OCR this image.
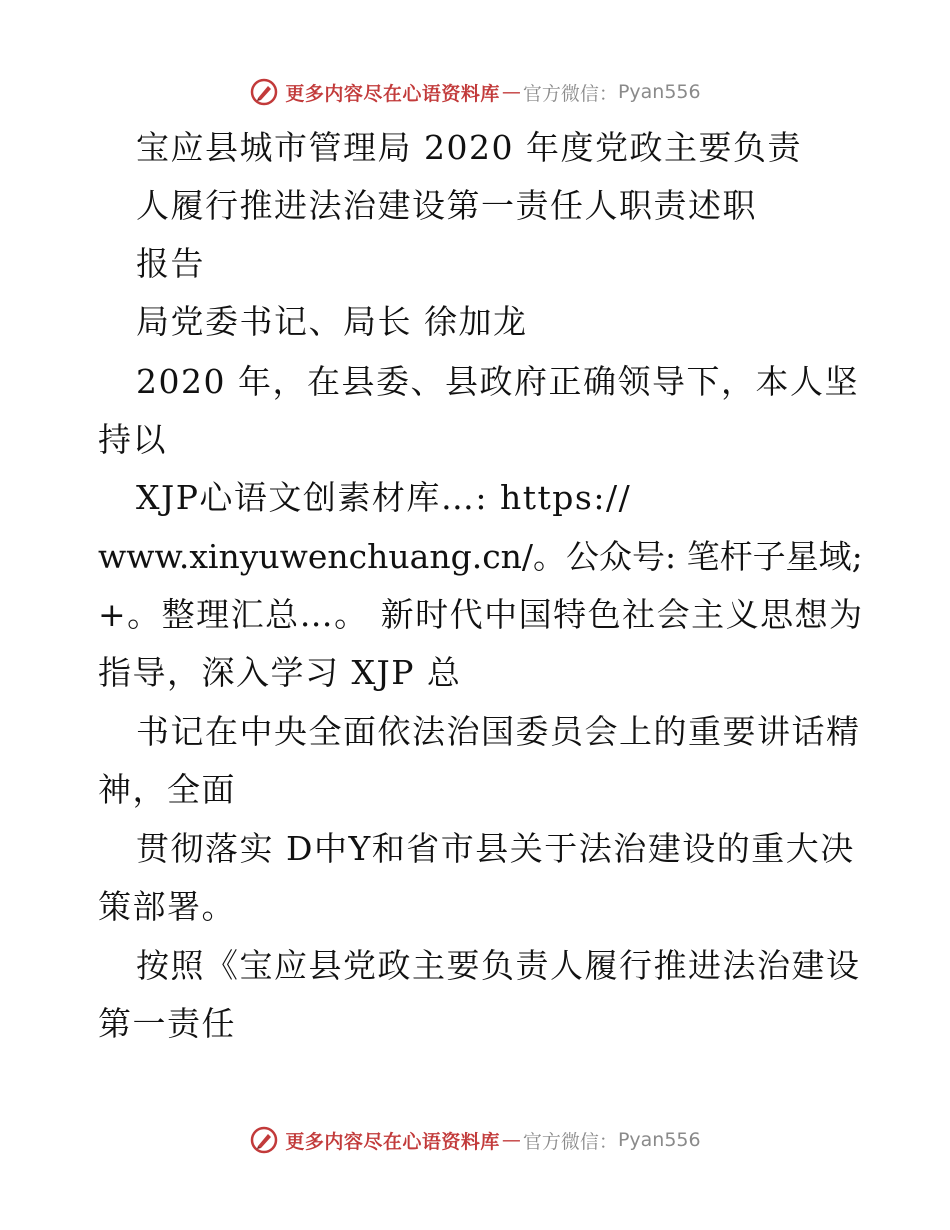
更多内容尽在心语资料库 — 官方微信： Pyan556
宝应县城市管理局 2020 年度党政主要负责
人履行推进法治建设第一责任人职责述职
报告
局党委书记、局长 徐加龙
2020 年，在县委、县政府正确领导下，本人坚
持以
XJP心语文创素材库…: https://
www.xinyuwenchuang.cn/。公众号: 笔杆子星域;
+。整理汇总…。 新时代中国特色社会主义思想为
指导，深入学习 XJP 总
书记在中央全面依法治国委员会上的重要讲话精
神，全面
贯彻落实 D中Y和省市县关于法治建设的重大决
策部署。
按照《宝应县党政主要负责人履行推进法治建设
第一责任
更多内容尽在心语资料库 — 官方微信： Pyan556
